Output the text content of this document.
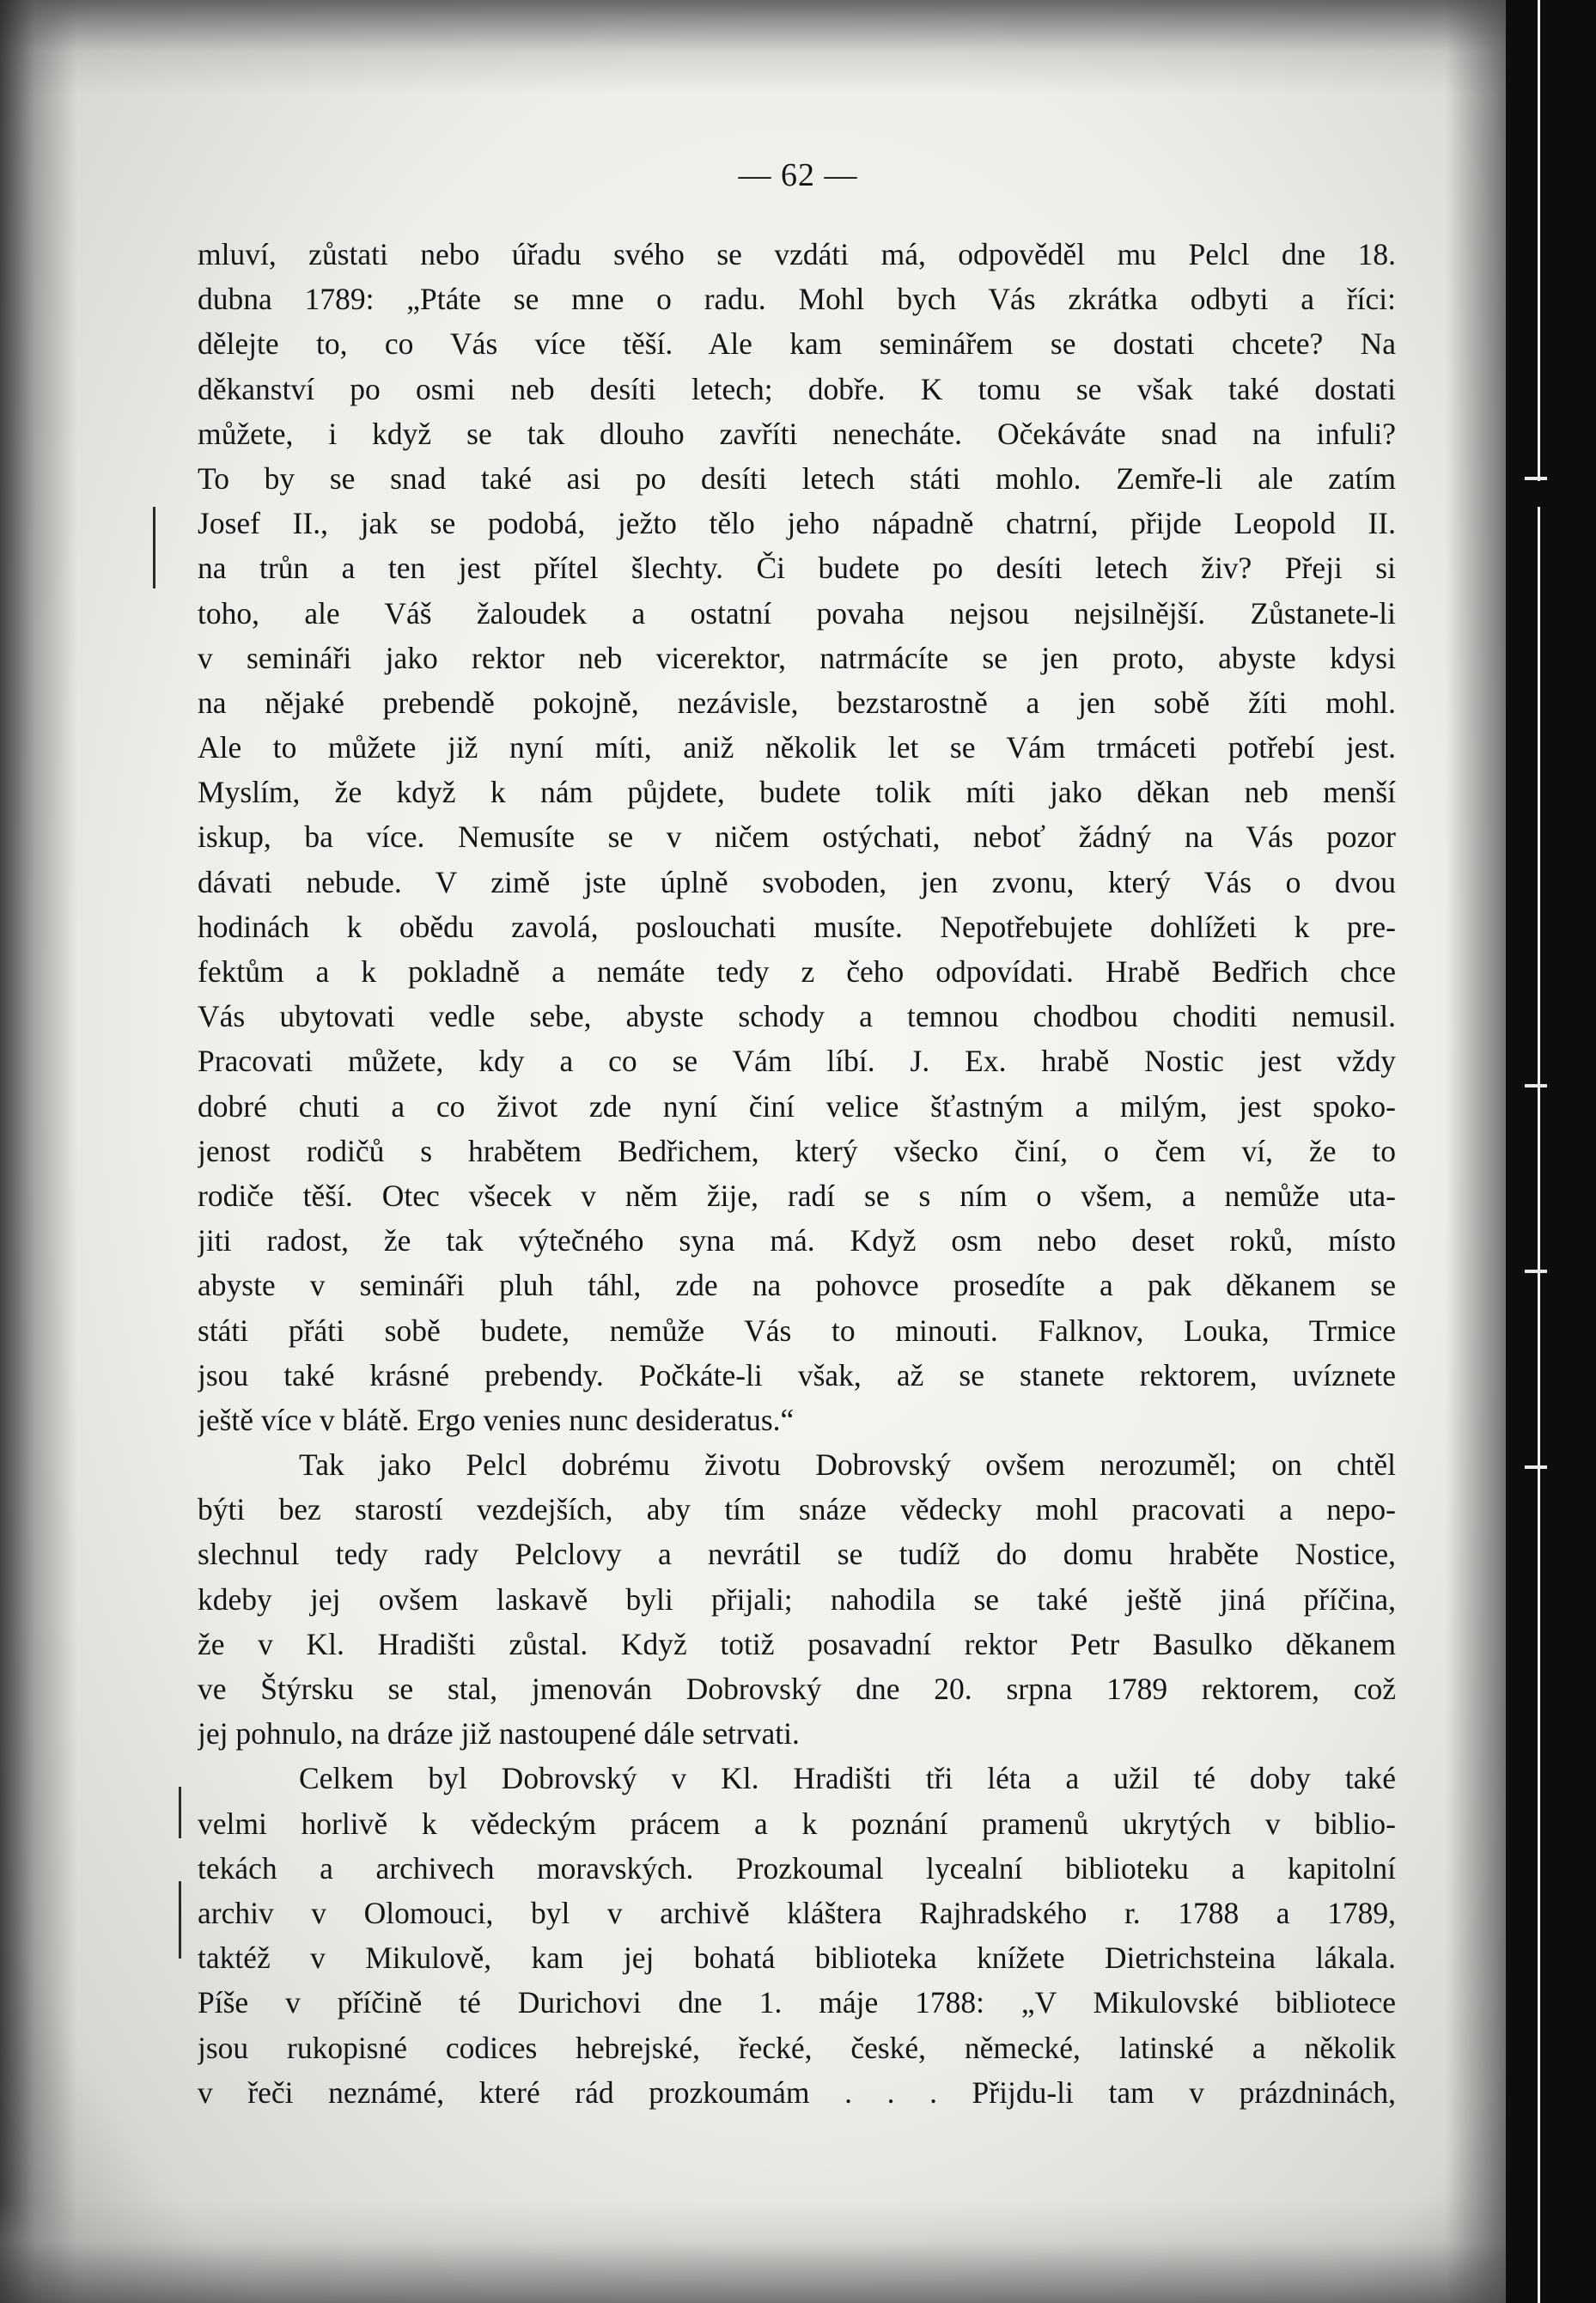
— 62 —
mluví, zůstati nebo úřadu svého se vzdáti má, odpověděl mu Pelcl dne 18.
dubna 1789: „Ptáte se mne o radu. Mohl bych Vás zkrátka odbyti a říci:
dělejte to, co Vás více těší. Ale kam seminářem se dostati chcete? Na
děkanství po osmi neb desíti letech; dobře. K tomu se však také dostati
můžete, i když se tak dlouho zavříti nenecháte. Očekáváte snad na infuli?
To by se snad také asi po desíti letech státi mohlo. Zemře-li ale zatím
Josef II., jak se podobá, ježto tělo jeho nápadně chatrní, přijde Leopold II.
na trůn a ten jest přítel šlechty. Či budete po desíti letech živ? Přeji si
toho, ale Váš žaloudek a ostatní povaha nejsou nejsilnější. Zůstanete-li
v semináři jako rektor neb vicerektor, natrmácíte se jen proto, abyste kdysi
na nějaké prebendě pokojně, nezávisle, bezstarostně a jen sobě žíti mohl.
Ale to můžete již nyní míti, aniž několik let se Vám trmáceti potřebí jest.
Myslím, že když k nám půjdete, budete tolik míti jako děkan neb menší
iskup, ba více. Nemusíte se v ničem ostýchati, neboť žádný na Vás pozor
dávati nebude. V zimě jste úplně svoboden, jen zvonu, který Vás o dvou
hodinách k obědu zavolá, poslouchati musíte. Nepotřebujete dohlížeti k pre-
fektům a k pokladně a nemáte tedy z čeho odpovídati. Hrabě Bedřich chce
Vás ubytovati vedle sebe, abyste schody a temnou chodbou choditi nemusil.
Pracovati můžete, kdy a co se Vám líbí. J. Ex. hrabě Nostic jest vždy
dobré chuti a co život zde nyní činí velice šťastným a milým, jest spoko-
jenost rodičů s hrabětem Bedřichem, který všecko činí, o čem ví, že to
rodiče těší. Otec všecek v něm žije, radí se s ním o všem, a nemůže uta-
jiti radost, že tak výtečného syna má. Když osm nebo deset roků, místo
abyste v semináři pluh táhl, zde na pohovce prosedíte a pak děkanem se
státi přáti sobě budete, nemůže Vás to minouti. Falknov, Louka, Trmice
jsou také krásné prebendy. Počkáte-li však, až se stanete rektorem, uvíznete
ještě více v blátě. Ergo venies nunc desideratus.“
Tak jako Pelcl dobrému životu Dobrovský ovšem nerozuměl; on chtěl
býti bez starostí vezdejších, aby tím snáze vědecky mohl pracovati a nepo-
slechnul tedy rady Pelclovy a nevrátil se tudíž do domu hraběte Nostice,
kdeby jej ovšem laskavě byli přijali; nahodila se také ještě jiná příčina,
že v Kl. Hradišti zůstal. Když totiž posavadní rektor Petr Basulko děkanem
ve Štýrsku se stal, jmenován Dobrovský dne 20. srpna 1789 rektorem, což
jej pohnulo, na dráze již nastoupené dále setrvati.
Celkem byl Dobrovský v Kl. Hradišti tři léta a užil té doby také
velmi horlivě k vědeckým prácem a k poznání pramenů ukrytých v biblio-
tekách a archivech moravských. Prozkoumal lycealní biblioteku a kapitolní
archiv v Olomouci, byl v archivě kláštera Rajhradského r. 1788 a 1789,
taktéž v Mikulově, kam jej bohatá biblioteka knížete Dietrichsteina lákala.
Píše v příčině té Durichovi dne 1. máje 1788: „V Mikulovské bibliotece
jsou rukopisné codices hebrejské, řecké, české, německé, latinské a několik
v řeči neznámé, které rád prozkoumám . . . Přijdu-li tam v prázdninách,
